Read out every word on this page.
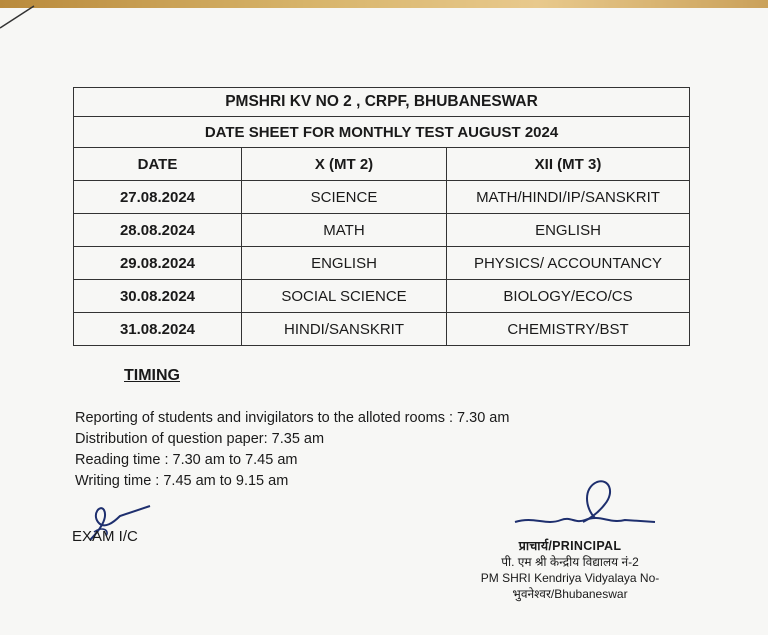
PMSHRI KV NO 2 , CRPF, BHUBANESWAR		
DATE SHEET FOR MONTHLY TEST AUGUST 2024		
DATE	X (MT 2)	XII (MT 3)
27.08.2024	SCIENCE	MATH/HINDI/IP/SANSKRIT
28.08.2024	MATH	ENGLISH
29.08.2024	ENGLISH	PHYSICS/ ACCOUNTANCY
30.08.2024	SOCIAL SCIENCE	BIOLOGY/ECO/CS
31.08.2024	HINDI/SANSKRIT	CHEMISTRY/BST
TIMING
Reporting of students and invigilators to the alloted rooms : 7.30 am
Distribution of question paper: 7.35 am
Reading time : 7.30 am to 7.45 am
Writing time : 7.45 am to 9.15 am
EXAM I/C
प्राचार्य/PRINCIPAL
पी. एम श्री केन्द्रीय विद्यालय नं-2
PM SHRI Kendriya Vidyalaya No-
भुवनेश्वर/Bhubaneswar
